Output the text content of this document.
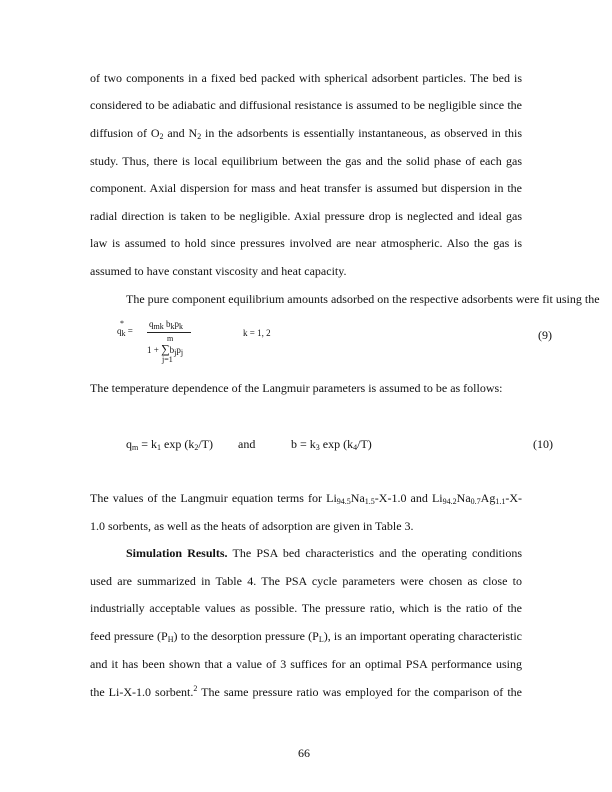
of two components in a fixed bed packed with spherical adsorbent particles. The bed is
considered to be adiabatic and diffusional resistance is assumed to be negligible since the
diffusion of $O_2$ and $N_2$ in the adsorbents is essentially instantaneous, as observed in this
study. Thus, there is local equilibrium between the gas and the solid phase of each gas
component. Axial dispersion for mass and heat transfer is assumed but dispersion in the
radial direction is taken to be negligible. Axial pressure drop is neglected and ideal gas
law is assumed to hold since pressures involved are near atmospheric. Also the gas is
assumed to have constant viscosity and heat capacity.
The pure component equilibrium amounts adsorbed on the respective adsorbents were fit using the
*
$q_k$ =
$q_{mk}$ $b_kp_k$
m
$1 + \sum b_jp_j$
j=1
k = 1, 2	(9)
The temperature dependence of the Langmuir parameters is assumed to be as follows:
$q_m = k_1$ $\exp (k_2/T)$ and	$b = k_3$ $\exp (k_4/T)$	(10)
The values of the Langmuir equation terms for $Li_{94.5}Na_{1.5}-X-1.0$ and $Li_{94.2}Na_{0.7}Ag_{1.1}-X-$
1.0 sorbents, as well as the heats of adsorption are given in Table 3.
Simulation Results. The PSA bed characteristics and the operating conditions
used are summarized in Table 4. The PSA cycle parameters were chosen as close to
industrially acceptable values as possible. The pressure ratio, which is the ratio of the
feed pressure $(P_H)$ to the desorption pressure $(P_L)$, is an important operating characteristic
and it has been shown that a value of 3 suffices for an optimal PSA performance using
the Li-X-1.0 sorbent.$^2$ The same pressure ratio was employed for the comparison of the
66
